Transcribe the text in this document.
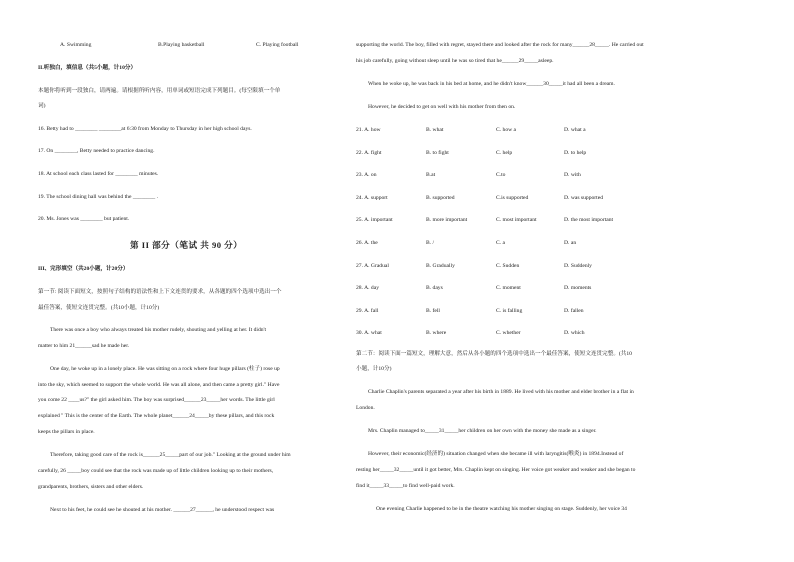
A. Swimming	B.Playing basketball	C. Playing football
II.听独白，填信息（共5小题，计10分）
本题你将听到一段独白，请两遍。请根据所听内容，用单词或短语完成下列题目。(每空限填一个单
词)
16. Betty had to ________ ________at 6:30 from Monday to Thursday in her high school days.
17. On ________, Betty needed to practice dancing.
18. At school each class lasted for ________ minutes.
19. The school dining hall was behind the ________ .
20. Ms. Jones was ________ but patient.
第 II 部分（笔试 共 90 分）
III、完形填空（共20小题，计20分）
第一节: 阅读下面短文，按照句子结构的语法性和上下文连贯的要求，从各题的四个选项中选出一个
最佳答案，使短文连贯完整。(共10小题，计10分)
There was once a boy who always treated his mother rudely, shouting and yelling at her. It didn't
matter to him 21______sad he made her.
One day, he woke up in a lonely place. He was sitting on a rock where four huge pillars (柱子) rose up
into the sky, which seemed to support the whole world. He was all alone, and then came a pretty girl." Have
you come 22 ____us?" the girl asked him. The boy was surprised______23_____her words. The little girl
explained " This is the center of the Earth. The whole planet______24_____by these pillars, and this rock
keeps the pillars in place.
Therefore, taking good care of the rock is______25_____part of our job." Looking at the ground under him
carefully, 26 _____boy could see that the rock was made up of little children looking up to their mothers,
grandparents, brothers, sisters and other elders.
Next to his feet, he could see he shouted at his mother. ______27______, he understood respect was
supporting the world. The boy, filled with regret, stayed there and looked after the rock for many______28_____. He carried out
his job carefully, going without sleep until he was so tired that he______29_____asleep.
When he woke up, he was back in his bed at home, and he didn't know______30_____it had all been a dream.
However, he decided to get on well with his mother from then on.
21. A. how	B. what	C. how a	D. what a
22. A. fight	B. to fight	C. help	D. to help
23. A. on	B.at	C.to	D. with
24. A. support	B. supported	C.is supported	D. was supported
25. A. important	B. more important	C. most important	D. the most important
26. A. the	B. /	C. a	D. an
27. A. Gradual	B. Gradually	C. Sudden	D. Suddenly
28. A. day	B. days	C. moment	D. moments
29. A. fall	B. fell	C. is falling	D. fallen
30. A. what	B. where	C. whether	D. which
第二节：阅读下面一篇短文，理解大意，然后从各小题的四个选项中选出一个最佳答案，使短文连贯完整。(共10
小题，计10分)
Charlie Chaplin's parents separated a year after his birth in 1889. He lived with his mother and elder brother in a flat in
London.
Mrs. Chaplin managed to_____31_____her children on her own with the money she made as a singer.
However, their economic(经济的) situation changed when she became ill with laryngitis(喉炎) in 1894.Instead of
resting her_____32_____until it got better, Mrs. Chaplin kept on singing. Her voice got weaker and weaker and she began to
find it_____33_____to find well-paid work.
One evening Charlie happened to be in the theatre watching his mother singing on stage. Suddenly, her voice 34
